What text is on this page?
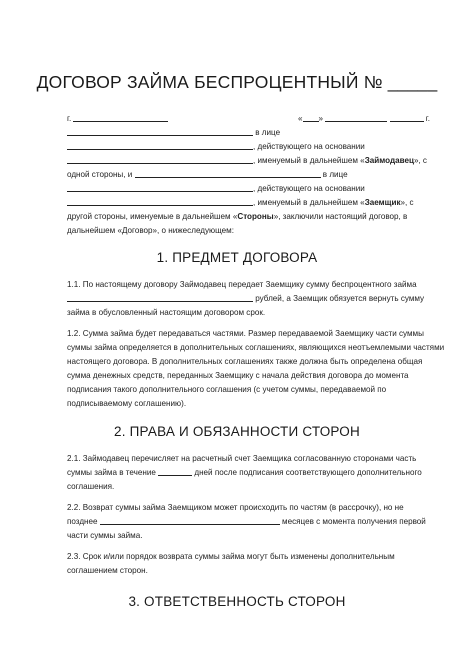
ДОГОВОР ЗАЙМА БЕСПРОЦЕНТНЫЙ № _____
г.	« »	г.
в лице
, действующего на основании
, именуемый в дальнейшем «Займодавец», с
одной стороны, и	в лице
, действующего на основании
, именуемый в дальнейшем «Заемщик», с
другой стороны, именуемые в дальнейшем «Стороны», заключили настоящий договор, в
дальнейшем «Договор», о нижеследующем:
1. ПРЕДМЕТ ДОГОВОРА
1.1. По настоящему договору Займодавец передает Заемщику сумму беспроцентного займа
рублей, а Заемщик обязуется вернуть сумму
займа в обусловленный настоящим договором срок.
1.2. Сумма займа будет передаваться частями. Размер передаваемой Заемщику части суммы
суммы займа определяется в дополнительных соглашениях, являющихся неотъемлемыми частями
настоящего договора. В дополнительных соглашениях также должна быть определена общая
сумма денежных средств, переданных Заемщику с начала действия договора до момента
подписания такого дополнительного соглашения (с учетом суммы, передаваемой по
подписываемому соглашению).
2. ПРАВА И ОБЯЗАННОСТИ СТОРОН
2.1. Займодавец перечисляет на расчетный счет Заемщика согласованную сторонами часть
суммы займа в течение	дней после подписания соответствующего дополнительного
соглашения.
2.2. Возврат суммы займа Заемщиком может происходить по частям (в рассрочку), но не
позднее	месяцев с момента получения первой
части суммы займа.
2.3. Срок и/или порядок возврата суммы займа могут быть изменены дополнительным
соглашением сторон.
3. ОТВЕТСТВЕННОСТЬ СТОРОН
